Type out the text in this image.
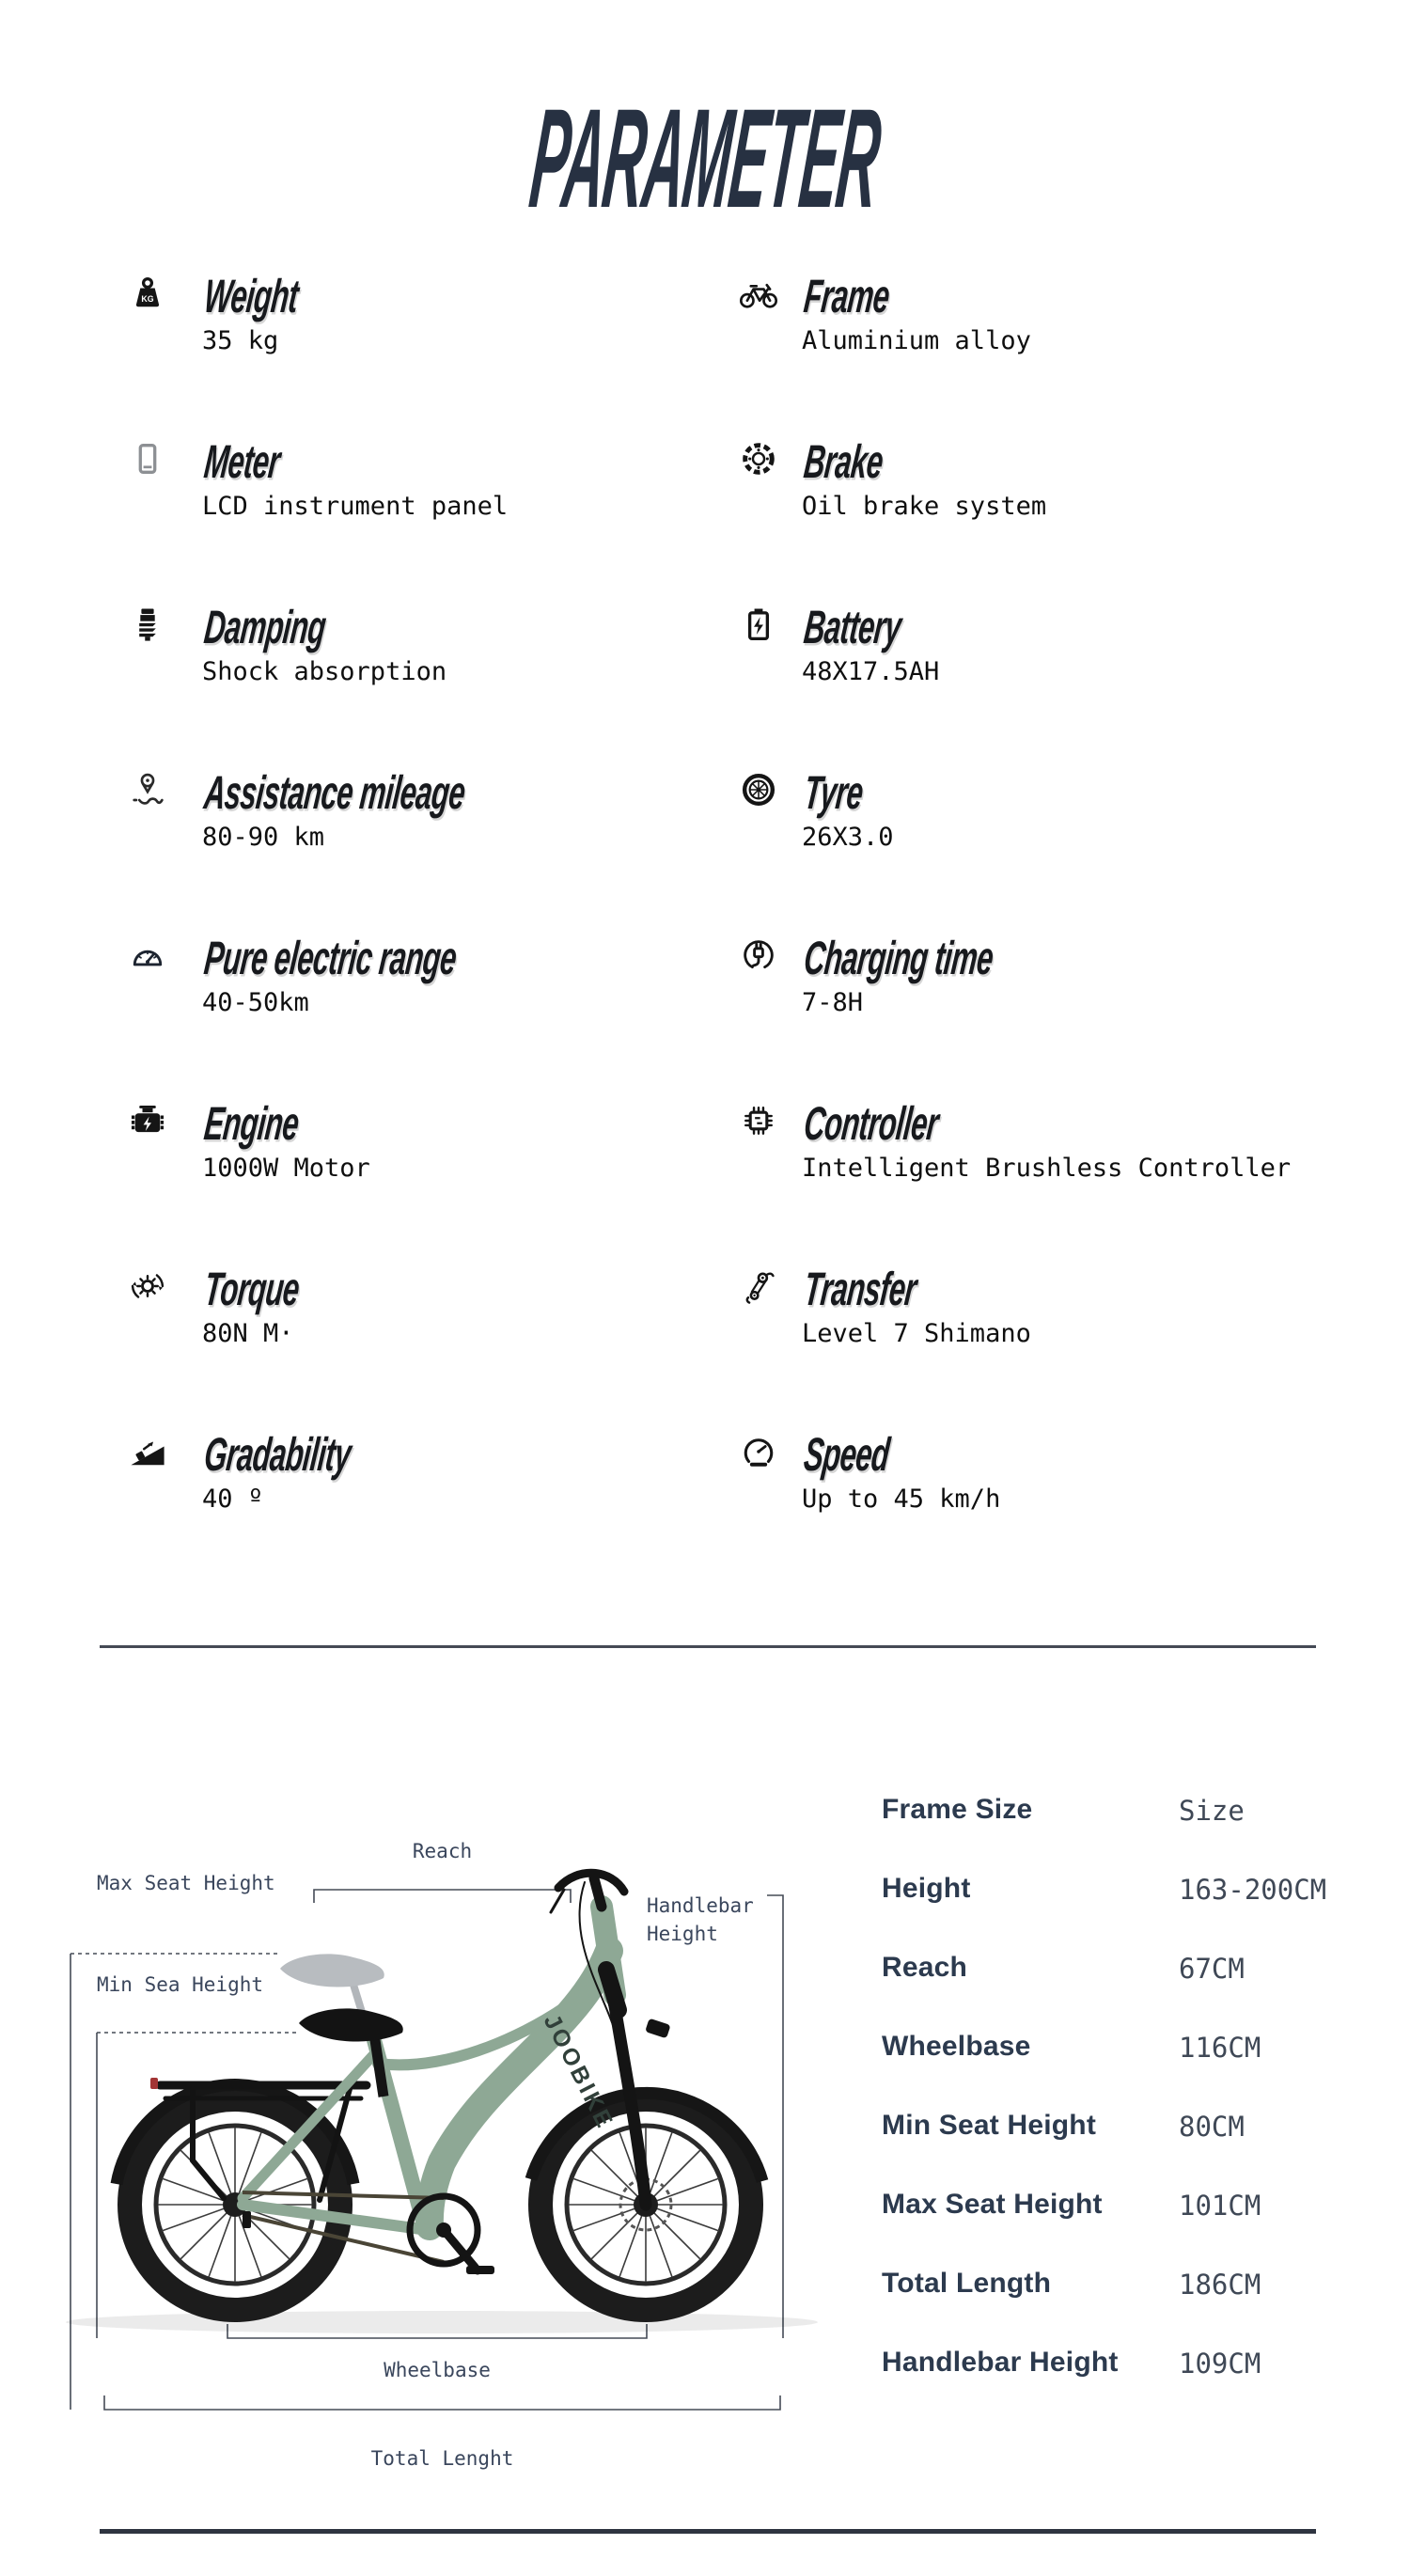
PARAMETER
KG Weight
35 kg
Meter
LCD instrument panel
Damping
Shock absorption
Assistance mileage
80-90 km
Pure electric range
40-50km
Engine
1000W Motor
Torque
80N M·
Gradability
40 º
Frame
Aluminium alloy
Brake
Oil brake system
Battery
48X17.5AH
Tyre
26X3.0
Charging time
7-8H
Controller
Intelligent Brushless Controller
Transfer
Level 7 Shimano
Speed
Up to 45 km/h
JOOBIKE
Max Seat Height
Min Sea Height
Reach
Handlebar Height
Wheelbase
Total Lenght
Frame Size	Size
Height	163-200CM
Reach	67CM
Wheelbase	116CM
Min Seat Height	80CM
Max Seat Height	101CM
Total Length	186CM
Handlebar Height 109CM
